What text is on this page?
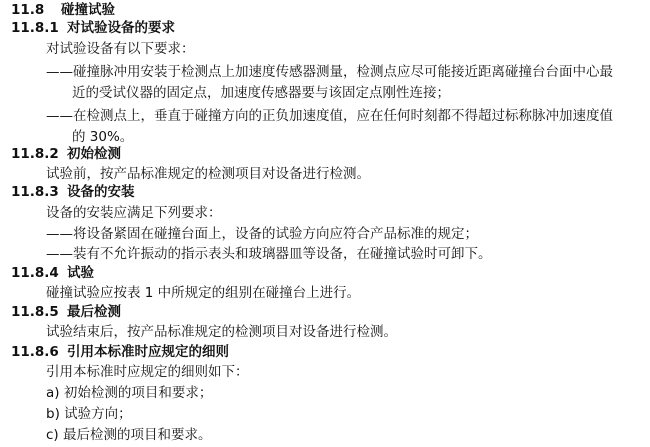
11.8 碰撞试验
11.8.1 对试验设备的要求
对试验设备有以下要求：
——碰撞脉冲用安装于检测点上加速度传感器测量，检测点应尽可能接近距离碰撞台台面中心最
近的受试仪器的固定点，加速度传感器要与该固定点刚性连接；
——在检测点上，垂直于碰撞方向的正负加速度值，应在任何时刻都不得超过标称脉冲加速度值
的 30%。
11.8.2 初始检测
试验前，按产品标准规定的检测项目对设备进行检测。
11.8.3 设备的安装
设备的安装应满足下列要求：
——将设备紧固在碰撞台面上，设备的试验方向应符合产品标准的规定；
——装有不允许振动的指示表头和玻璃器皿等设备，在碰撞试验时可卸下。
11.8.4 试验
碰撞试验应按表 1 中所规定的组别在碰撞台上进行。
11.8.5 最后检测
试验结束后，按产品标准规定的检测项目对设备进行检测。
11.8.6 引用本标准时应规定的细则
引用本标准时应规定的细则如下：
a) 初始检测的项目和要求；
b) 试验方向；
c) 最后检测的项目和要求。
